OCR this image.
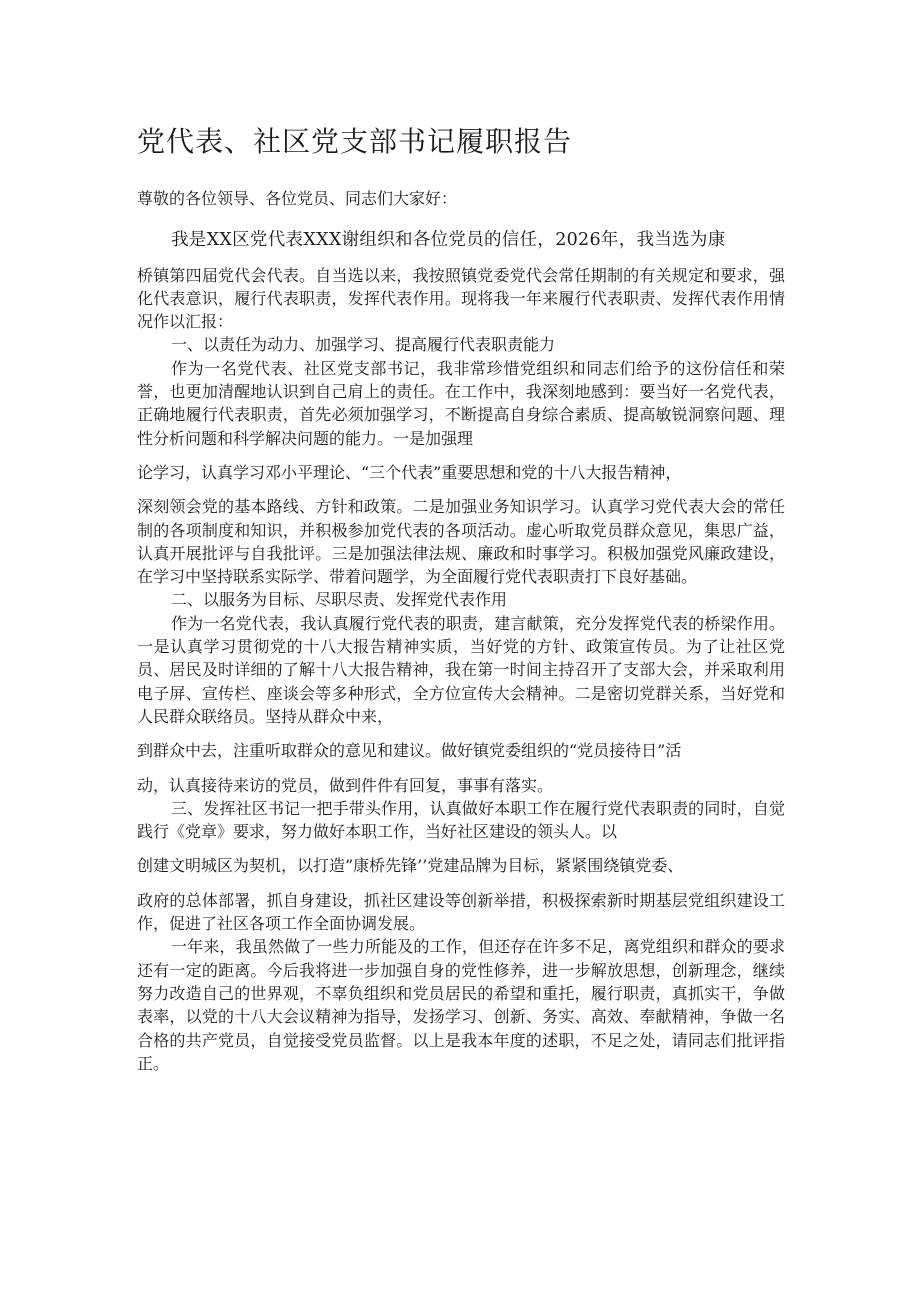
党代表、社区党支部书记履职报告

尊敬的各位领导、各位党员、同志们大家好：

我是XX区党代表XXX谢组织和各位党员的信任，2026年，我当选为康

桥镇第四届党代会代表。自当选以来，我按照镇党委党代会常任期制的有关规定和要求，强化代表意识，履行代表职责，发挥代表作用。现将我一年来履行代表职责、发挥代表作用情况作以汇报：

一、以责任为动力、加强学习、提高履行代表职责能力

作为一名党代表、社区党支部书记，我非常珍惜党组织和同志们给予的这份信任和荣誉，也更加清醒地认识到自己肩上的责任。在工作中，我深刻地感到：要当好一名党代表，正确地履行代表职责，首先必须加强学习，不断提高自身综合素质、提高敏锐洞察问题、理性分析问题和科学解决问题的能力。一是加强理

论学习，认真学习邓小平理论、“三个代表”重要思想和党的十八大报告精神，

深刻领会党的基本路线、方针和政策。二是加强业务知识学习。认真学习党代表大会的常任制的各项制度和知识，并积极参加党代表的各项活动。虚心听取党员群众意见，集思广益，认真开展批评与自我批评。三是加强法律法规、廉政和时事学习。积极加强党风廉政建设，在学习中坚持联系实际学、带着问题学，为全面履行党代表职责打下良好基础。

二、以服务为目标、尽职尽责、发挥党代表作用

作为一名党代表，我认真履行党代表的职责，建言献策，充分发挥党代表的桥梁作用。一是认真学习贯彻党的十八大报告精神实质，当好党的方针、政策宣传员。为了让社区党员、居民及时详细的了解十八大报告精神，我在第一时间主持召开了支部大会，并采取利用电子屏、宣传栏、座谈会等多种形式，全方位宣传大会精神。二是密切党群关系，当好党和人民群众联络员。坚持从群众中来，

到群众中去，注重听取群众的意见和建议。做好镇党委组织的“党员接待日”活

动，认真接待来访的党员，做到件件有回复，事事有落实。

三、发挥社区书记一把手带头作用，认真做好本职工作在履行党代表职责的同时，自觉践行《党章》要求，努力做好本职工作，当好社区建设的领头人。以

创建文明城区为契机，以打造”康桥先锋’’党建品牌为目标，紧紧围绕镇党委、

政府的总体部署，抓自身建设，抓社区建设等创新举措，积极探索新时期基层党组织建设工作，促进了社区各项工作全面协调发展。

一年来，我虽然做了一些力所能及的工作，但还存在许多不足，离党组织和群众的要求还有一定的距离。今后我将进一步加强自身的党性修养，进一步解放思想，创新理念，继续努力改造自己的世界观，不辜负组织和党员居民的希望和重托，履行职责，真抓实干，争做表率，以党的十八大会议精神为指导，发扬学习、创新、务实、高效、奉献精神，争做一名合格的共产党员，自觉接受党员监督。以上是我本年度的述职，不足之处，请同志们批评指正。
